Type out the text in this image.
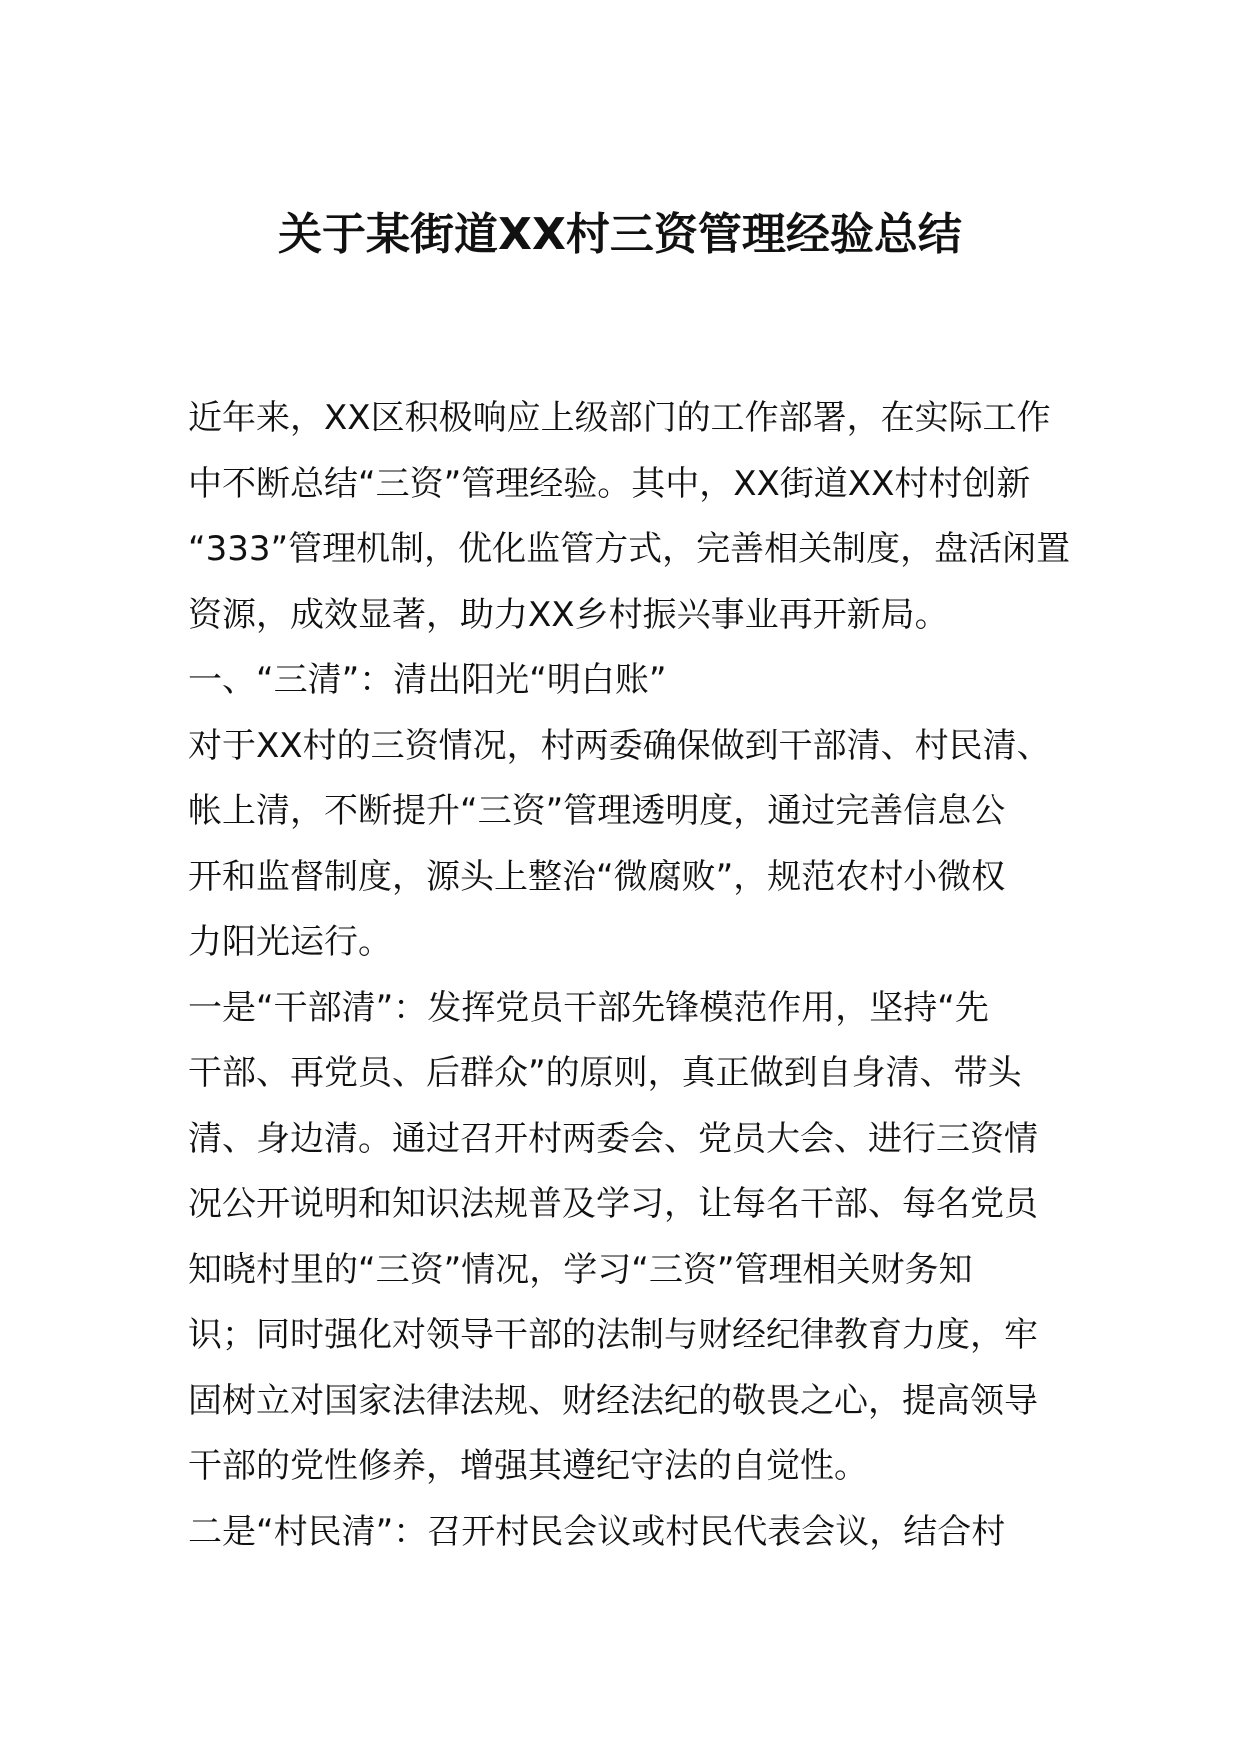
关于某街道XX村三资管理经验总结
近年来，XX区积极响应上级部门的工作部署，在实际工作
中不断总结“三资”管理经验。其中，XX街道XX村村创新
“333”管理机制，优化监管方式，完善相关制度，盘活闲置
资源，成效显著，助力XX乡村振兴事业再开新局。
一、“三清”：清出阳光“明白账”
对于XX村的三资情况，村两委确保做到干部清、村民清、
帐上清，不断提升“三资”管理透明度，通过完善信息公
开和监督制度，源头上整治“微腐败”，规范农村小微权
力阳光运行。
一是“干部清”：发挥党员干部先锋模范作用，坚持“先
干部、再党员、后群众”的原则，真正做到自身清、带头
清、身边清。通过召开村两委会、党员大会、进行三资情
况公开说明和知识法规普及学习，让每名干部、每名党员
知晓村里的“三资”情况，学习“三资”管理相关财务知
识；同时强化对领导干部的法制与财经纪律教育力度，牢
固树立对国家法律法规、财经法纪的敬畏之心，提高领导
干部的党性修养，增强其遵纪守法的自觉性。
二是“村民清”：召开村民会议或村民代表会议，结合村
